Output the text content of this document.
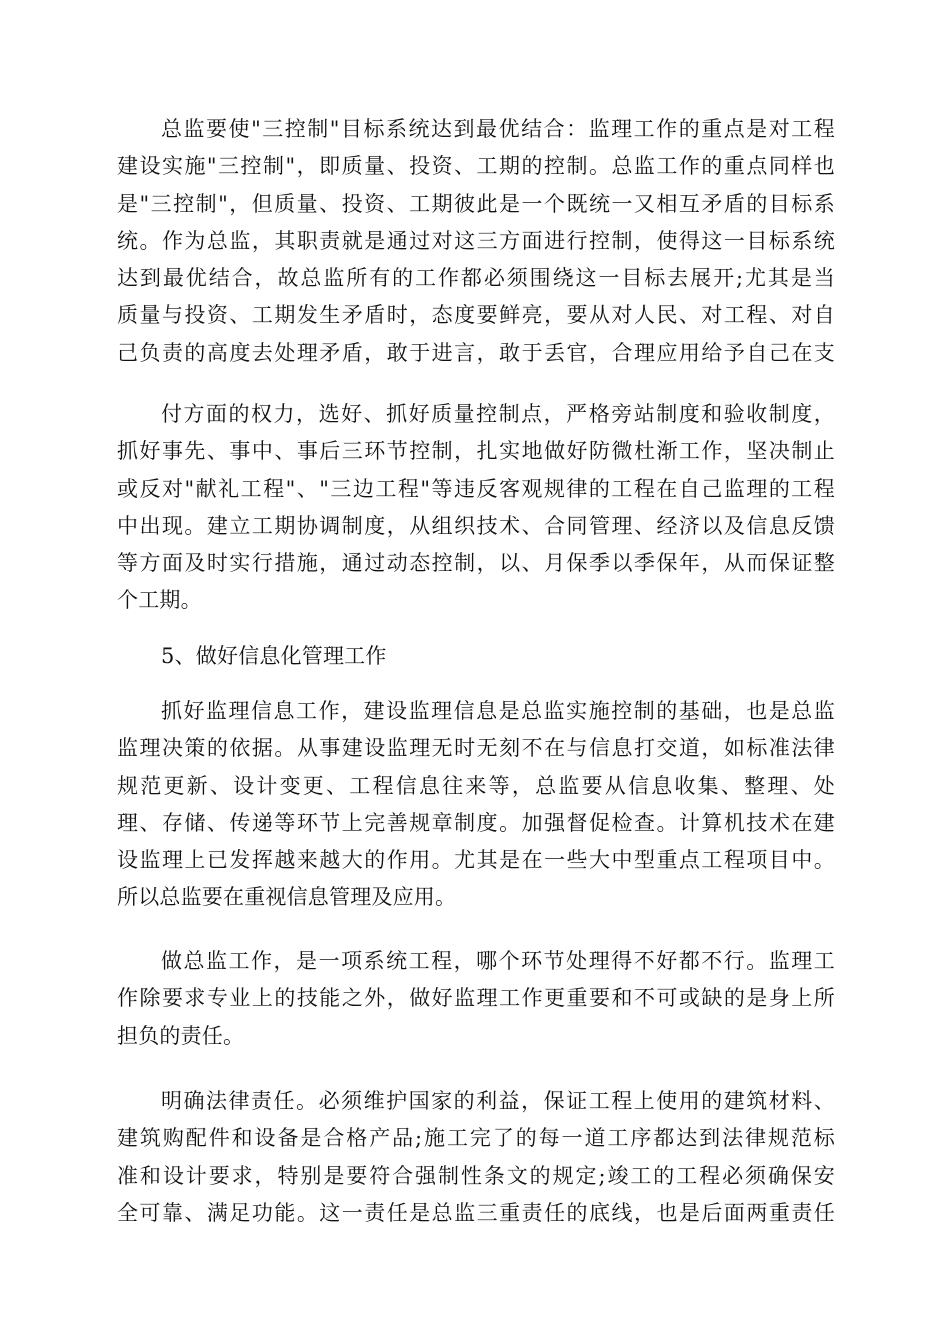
总监要使"三控制"目标系统达到最优结合：监理工作的重点是对工程
建设实施"三控制"，即质量、投资、工期的控制。总监工作的重点同样也
是"三控制"，但质量、投资、工期彼此是一个既统一又相互矛盾的目标系
统。作为总监，其职责就是通过对这三方面进行控制，使得这一目标系统
达到最优结合，故总监所有的工作都必须围绕这一目标去展开;尤其是当
质量与投资、工期发生矛盾时，态度要鲜亮，要从对人民、对工程、对自
己负责的高度去处理矛盾，敢于进言，敢于丢官，合理应用给予自己在支
付方面的权力，选好、抓好质量控制点，严格旁站制度和验收制度，
抓好事先、事中、事后三环节控制，扎实地做好防微杜渐工作，坚决制止
或反对"献礼工程"、"三边工程"等违反客观规律的工程在自己监理的工程
中出现。建立工期协调制度，从组织技术、合同管理、经济以及信息反馈
等方面及时实行措施，通过动态控制，以、月保季以季保年，从而保证整
个工期。
5、做好信息化管理工作
抓好监理信息工作，建设监理信息是总监实施控制的基础，也是总监
监理决策的依据。从事建设监理无时无刻不在与信息打交道，如标准法律
规范更新、设计变更、工程信息往来等，总监要从信息收集、整理、处
理、存储、传递等环节上完善规章制度。加强督促检查。计算机技术在建
设监理上已发挥越来越大的作用。尤其是在一些大中型重点工程项目中。
所以总监要在重视信息管理及应用。
做总监工作，是一项系统工程，哪个环节处理得不好都不行。监理工
作除要求专业上的技能之外，做好监理工作更重要和不可或缺的是身上所
担负的责任。
明确法律责任。必须维护国家的利益，保证工程上使用的建筑材料、
建筑购配件和设备是合格产品;施工完了的每一道工序都达到法律规范标
准和设计要求，特别是要符合强制性条文的规定;竣工的工程必须确保安
全可靠、满足功能。这一责任是总监三重责任的底线，也是后面两重责任
